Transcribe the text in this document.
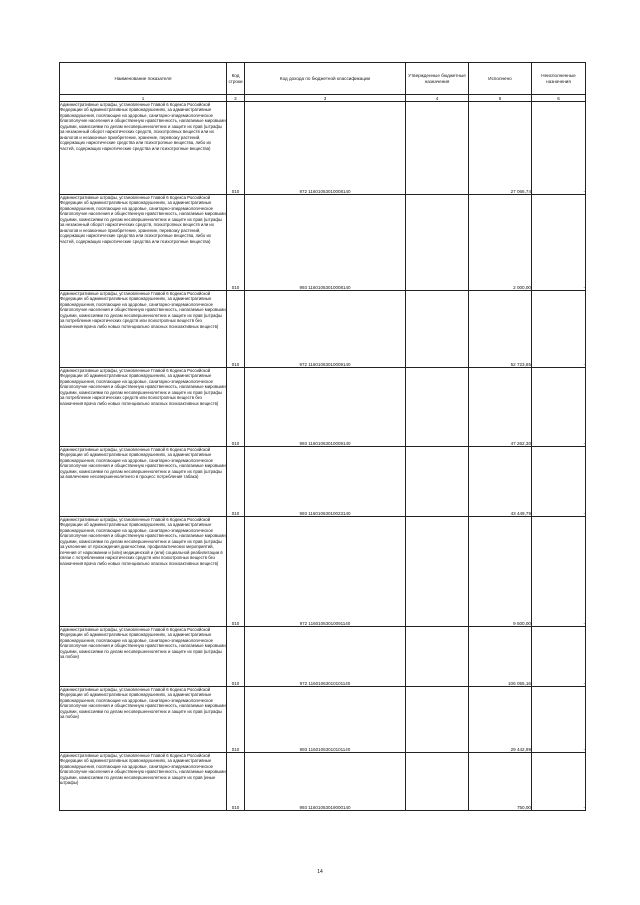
Наименование показателя	Код строки	Код дохода по бюджетной классификации	Утвержденные бюджетные назначения	Исполнено	Неисполненные назначения
1	2	3	4	5	6
Административные штрафы, установленные Главой 6 Кодекса Российской Федерации об административных правонарушениях, за административные правонарушения, посягающие на здоровье, санитарно-эпидемиологическое благополучие населения и общественную нравственность, налагаемые мировыми судьями, комиссиями по делам несовершеннолетних и защите их прав (штрафы за незаконный оборот наркотических средств, психотропных веществ или их аналогов и незаконные приобретение, хранение, перевозку растений, содержащих наркотические средства или психотропные вещества, либо их частей, содержащих наркотические средства или психотропные вещества)	010	972 11601063010008140		27 066,74	-
Административные штрафы, установленные Главой 6 Кодекса Российской Федерации об административных правонарушениях, за административные правонарушения, посягающие на здоровье, санитарно-эпидемиологическое благополучие населения и общественную нравственность, налагаемые мировыми судьями, комиссиями по делам несовершеннолетних и защите их прав (штрафы за незаконный оборот наркотических средств, психотропных веществ или их аналогов и незаконные приобретение, хранение, перевозку растений, содержащих наркотические средства или психотропные вещества, либо их частей, содержащих наркотические средства или психотропные вещества)	010	993 11601063010008140		2 000,00	-
Административные штрафы, установленные Главой 6 Кодекса Российской Федерации об административных правонарушениях, за административные правонарушения, посягающие на здоровье, санитарно-эпидемиологическое благополучие населения и общественную нравственность, налагаемые мировыми судьями, комиссиями по делам несовершеннолетних и защите их прав (штрафы за потребление наркотических средств или психотропных веществ без назначения врача либо новых потенциально опасных психоактивных веществ)	010	972 11601063010009140		52 723,65	-
Административные штрафы, установленные Главой 6 Кодекса Российской Федерации об административных правонарушениях, за административные правонарушения, посягающие на здоровье, санитарно-эпидемиологическое благополучие населения и общественную нравственность, налагаемые мировыми судьями, комиссиями по делам несовершеннолетних и защите их прав (штрафы за потребление наркотических средств или психотропных веществ без назначения врача либо новых потенциально опасных психоактивных веществ)	010	993 11601063010009140		47 262,30	-
Административные штрафы, установленные Главой 6 Кодекса Российской Федерации об административных правонарушениях, за административные правонарушения, посягающие на здоровье, санитарно-эпидемиологическое благополучие населения и общественную нравственность, налагаемые мировыми судьями, комиссиями по делам несовершеннолетних и защите их прав (штрафы за вовлечение несовершеннолетнего в процесс потребления табака)	010	993 11601063010023140		43 449,79	-
Административные штрафы, установленные Главой 6 Кодекса Российской Федерации об административных правонарушениях, за административные правонарушения, посягающие на здоровье, санитарно-эпидемиологическое благополучие населения и общественную нравственность, налагаемые мировыми судьями, комиссиями по делам несовершеннолетних и защите их прав (штрафы за уклонение от прохождения диагностики, профилактических мероприятий, лечения от наркомании и (или) медицинской и (или) социальной реабилитации в связи с потреблением наркотических средств или психотропных веществ без назначения врача либо новых потенциально опасных психоактивных веществ)	010	972 11601063010091140		9 500,00	-
Административные штрафы, установленные Главой 6 Кодекса Российской Федерации об административных правонарушениях, за административные правонарушения, посягающие на здоровье, санитарно-эпидемиологическое благополучие населения и общественную нравственность, налагаемые мировыми судьями, комиссиями по делам несовершеннолетних и защите их прав (штрафы за побои)	010	972 11601063010101140		106 055,16	-
Административные штрафы, установленные Главой 6 Кодекса Российской Федерации об административных правонарушениях, за административные правонарушения, посягающие на здоровье, санитарно-эпидемиологическое благополучие населения и общественную нравственность, налагаемые мировыми судьями, комиссиями по делам несовершеннолетних и защите их прав (штрафы за побои)	010	993 11601063010101140		29 442,99	-
Административные штрафы, установленные Главой 6 Кодекса Российской Федерации об административных правонарушениях, за административные правонарушения, посягающие на здоровье, санитарно-эпидемиологическое благополучие населения и общественную нравственность, налагаемые мировыми судьями, комиссиями по делам несовершеннолетних и защите их прав (иные штрафы)	010	993 11601063019000140		750,00	-
14
